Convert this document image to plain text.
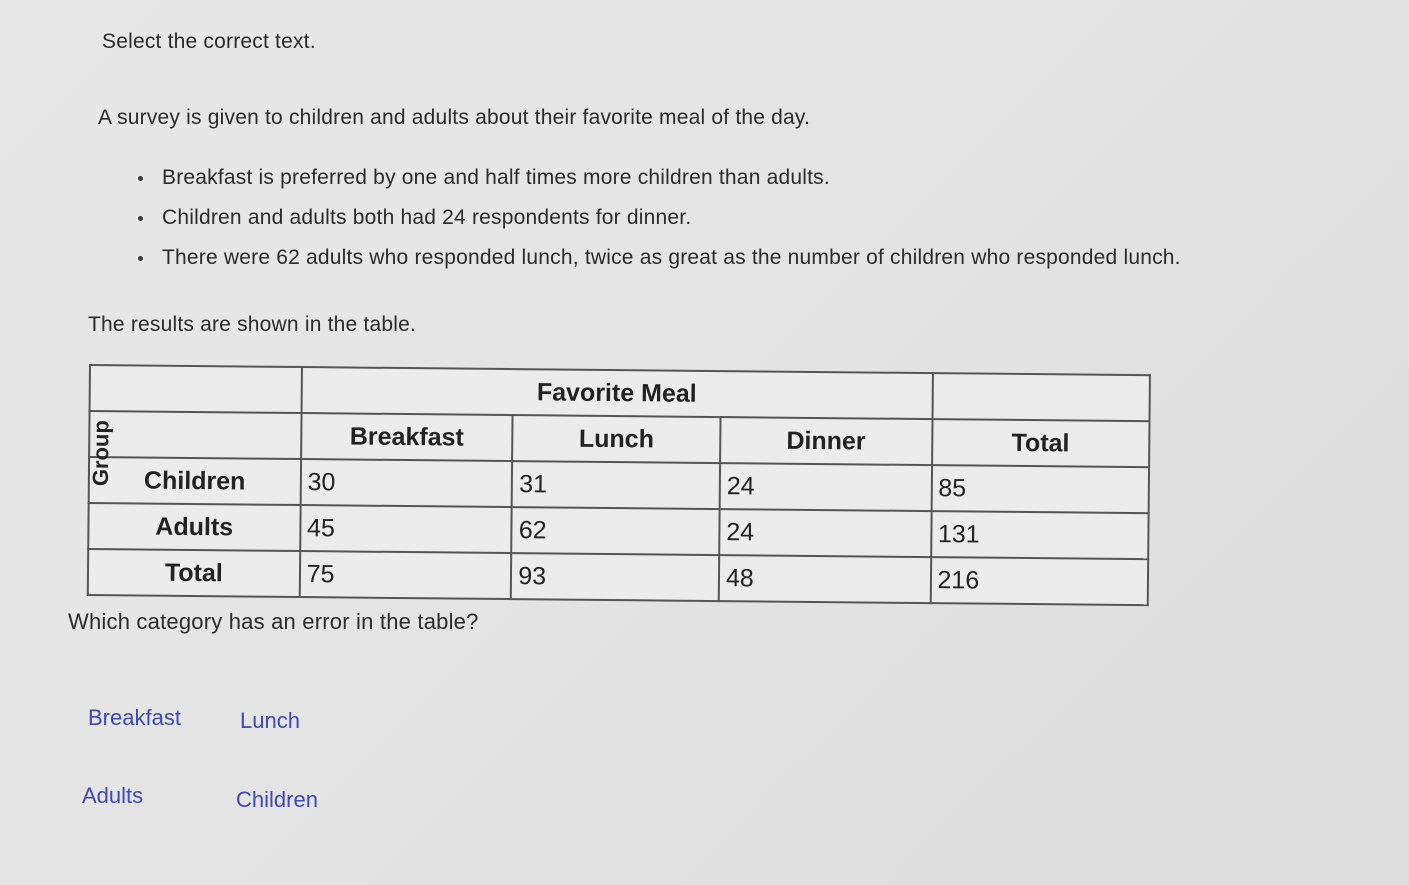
Select the correct text.
A survey is given to children and adults about their favorite meal of the day.
Breakfast is preferred by one and half times more children than adults.
Children and adults both had 24 respondents for dinner.
There were 62 adults who responded lunch, twice as great as the number of children who responded lunch.
The results are shown in the table.
	Favorite Meal			

Group	Breakfast	Lunch	Dinner	Total
Children	30	31	24	85
Adults	45	62	24	131
Total	75	93	48	216
Which category has an error in the table?
Breakfast	Lunch
Adults	Children
